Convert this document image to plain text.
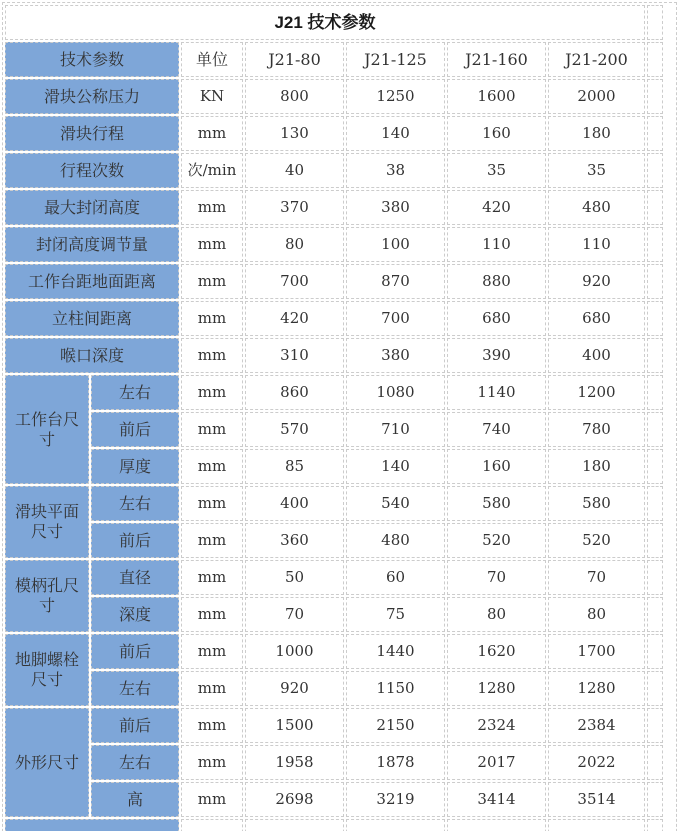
J21 技术参数							
技术参数		单位	J21-80	J21-125	J21-160	J21-200	
滑块公称压力		KN	800	1250	1600	2000	
滑块行程		mm	130	140	160	180	
行程次数		次/min	40	38	35	35	
最大封闭高度		mm	370	380	420	480	
封闭高度调节量		mm	80	100	110	110	
工作台距地面距离		mm	700	870	880	920	
立柱间距离		mm	420	700	680	680	
喉口深度		mm	310	380	390	400	
工作台尺寸	左右	mm	860	1080	1140	1200	
	前后	mm	570	710	740	780	
	厚度	mm	85	140	160	180	
滑块平面尺寸	左右	mm	400	540	580	580	
	前后	mm	360	480	520	520	
模柄孔尺寸	直径	mm	50	60	70	70	
	深度	mm	70	75	80	80	
地脚螺栓尺寸	前后	mm	1000	1440	1620	1700	
	左右	mm	920	1150	1280	1280	
外形尺寸	前后	mm	1500	2150	2324	2384	
	左右	mm	1958	1878	2017	2022	
	高	mm	2698	3219	3414	3514	
